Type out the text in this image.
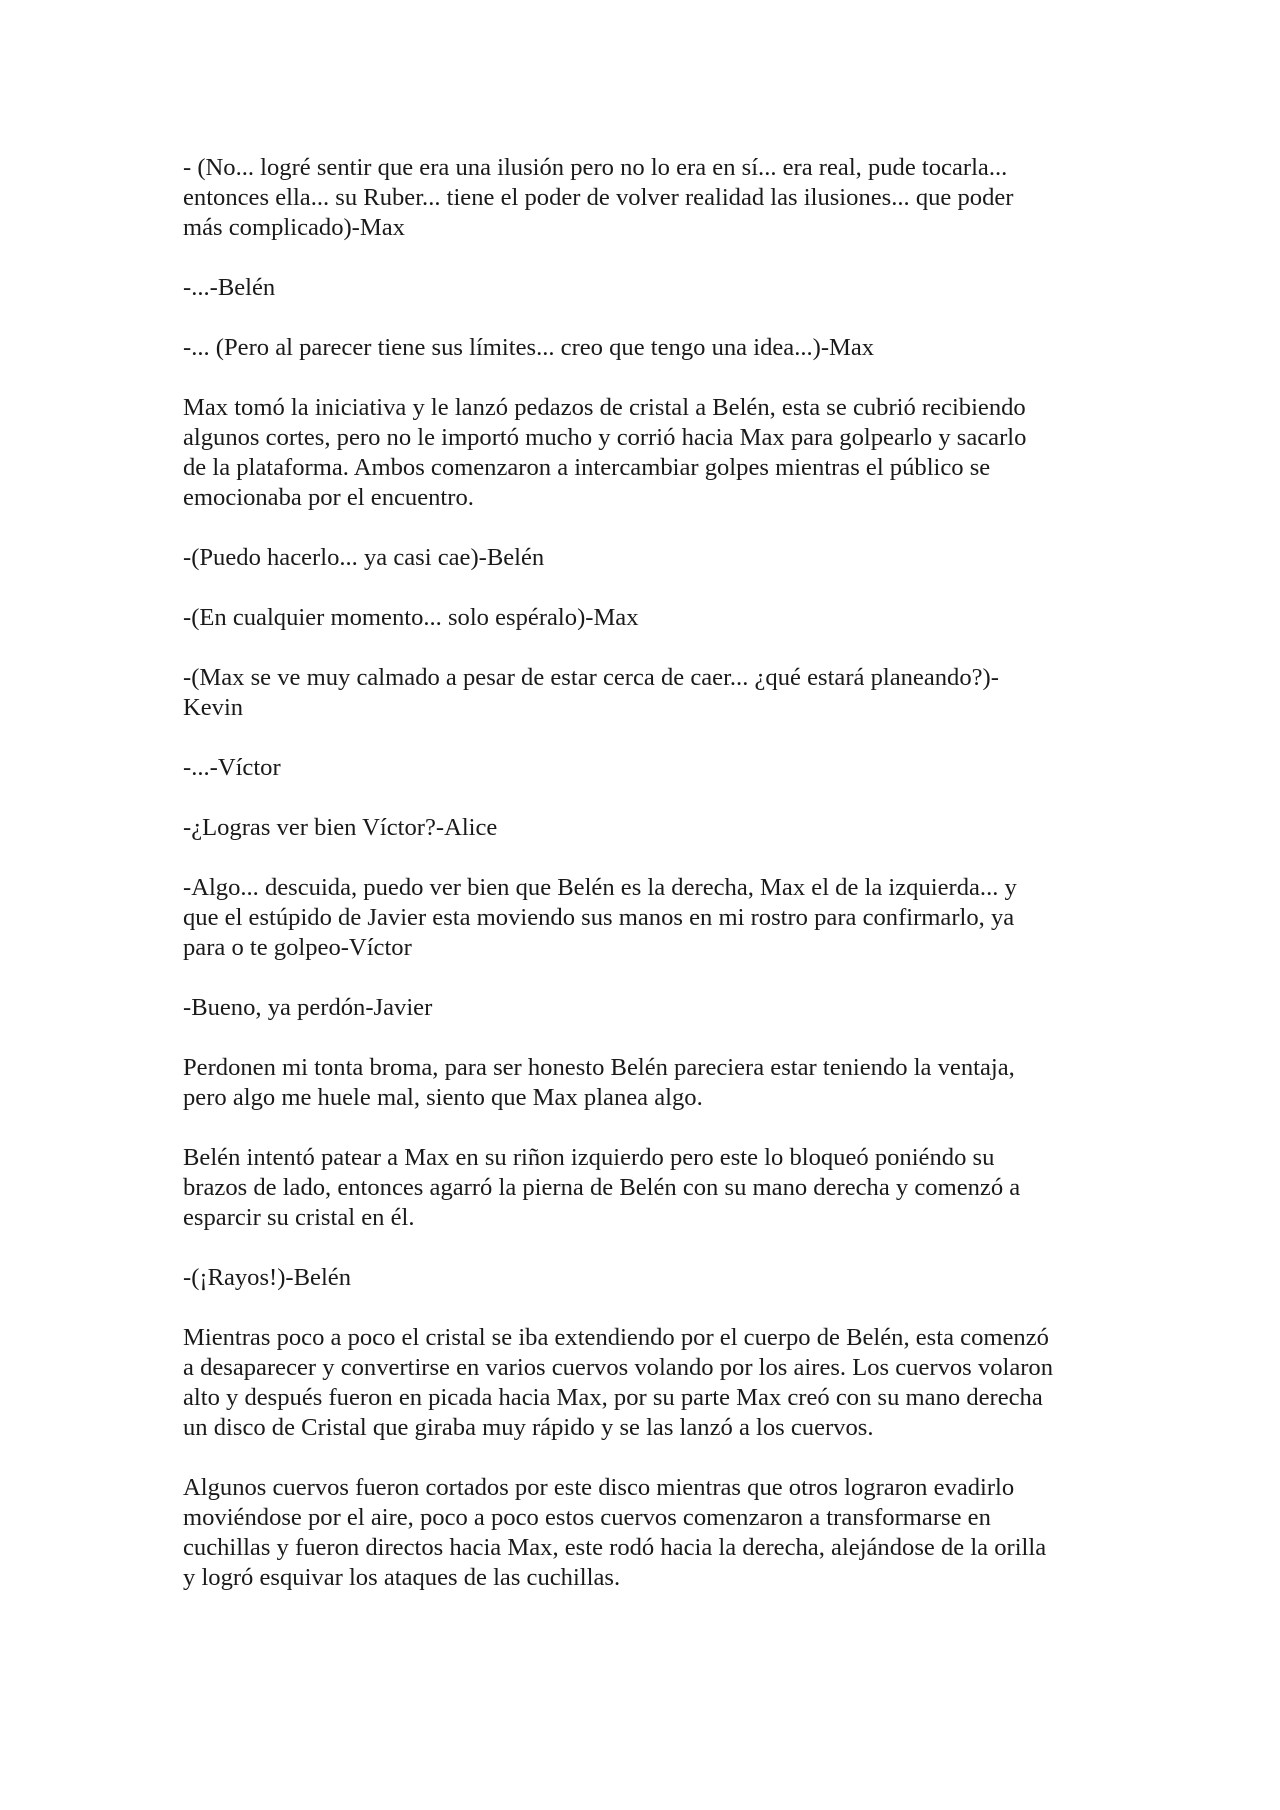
- (No... logré sentir que era una ilusión pero no lo era en sí... era real, pude tocarla...
entonces ella... su Ruber... tiene el poder de volver realidad las ilusiones... que poder
más complicado)-Max

-...-Belén

-... (Pero al parecer tiene sus límites... creo que tengo una idea...)-Max

Max tomó la iniciativa y le lanzó pedazos de cristal a Belén, esta se cubrió recibiendo
algunos cortes, pero no le importó mucho y corrió hacia Max para golpearlo y sacarlo
de la plataforma. Ambos comenzaron a intercambiar golpes mientras el público se
emocionaba por el encuentro.

-(Puedo hacerlo... ya casi cae)-Belén

-(En cualquier momento... solo espéralo)-Max

-(Max se ve muy calmado a pesar de estar cerca de caer... ¿qué estará planeando?)-
Kevin

-...-Víctor

-¿Logras ver bien Víctor?-Alice

-Algo... descuida, puedo ver bien que Belén es la derecha, Max el de la izquierda... y
que el estúpido de Javier esta moviendo sus manos en mi rostro para confirmarlo, ya
para o te golpeo-Víctor

-Bueno, ya perdón-Javier

Perdonen mi tonta broma, para ser honesto Belén pareciera estar teniendo la ventaja,
pero algo me huele mal, siento que Max planea algo.

Belén intentó patear a Max en su riñon izquierdo pero este lo bloqueó poniéndo su
brazos de lado, entonces agarró la pierna de Belén con su mano derecha y comenzó a
esparcir su cristal en él.

-(¡Rayos!)-Belén

Mientras poco a poco el cristal se iba extendiendo por el cuerpo de Belén, esta comenzó
a desaparecer y convertirse en varios cuervos volando por los aires. Los cuervos volaron
alto y después fueron en picada hacia Max, por su parte Max creó con su mano derecha
un disco de Cristal que giraba muy rápido y se las lanzó a los cuervos.

Algunos cuervos fueron cortados por este disco mientras que otros lograron evadirlo
moviéndose por el aire, poco a poco estos cuervos comenzaron a transformarse en
cuchillas y fueron directos hacia Max, este rodó hacia la derecha, alejándose de la orilla
y logró esquivar los ataques de las cuchillas.
